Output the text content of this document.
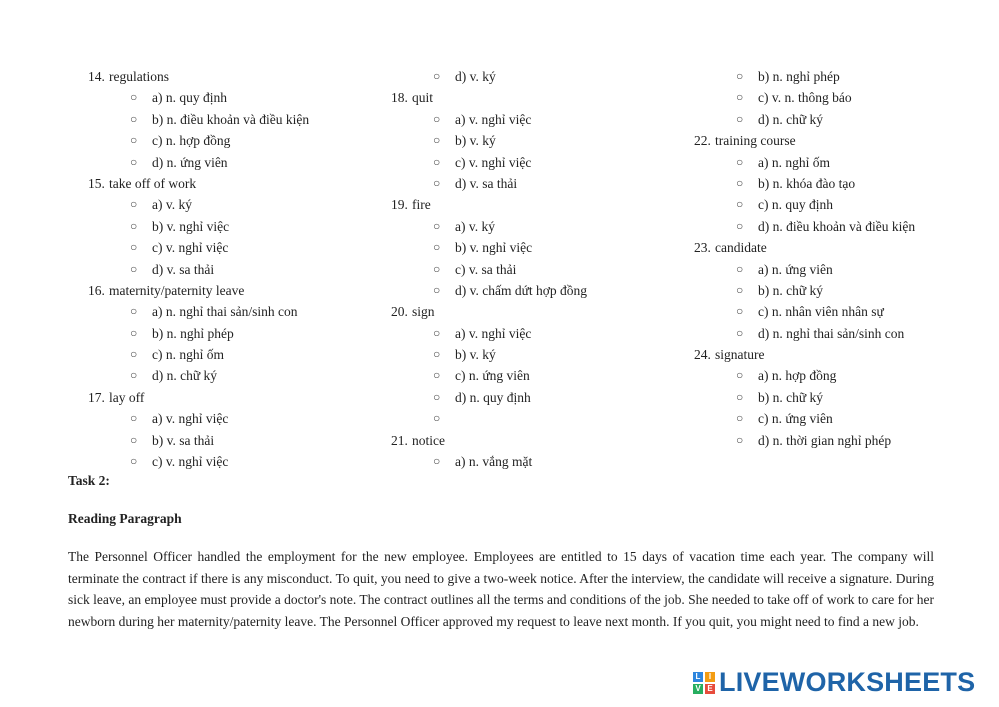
14. regulations
○	a) n. quy định
○	b) n. điều khoản và điều kiện
○	c) n. hợp đồng
○	d) n. ứng viên
15. take off of work
○	a) v. ký
○	b) v. nghỉ việc
○	c) v. nghỉ việc
○	d) v. sa thải
16. maternity/paternity leave
○	a) n. nghỉ thai sản/sinh con
○	b) n. nghỉ phép
○	c) n. nghỉ ốm
○	d) n. chữ ký
17. lay off
○	a) v. nghỉ việc
○	b) v. sa thải
○	c) v. nghỉ việc
○	d) v. ký
18. quit
○	a) v. nghỉ việc
○	b) v. ký
○	c) v. nghỉ việc
○	d) v. sa thải
19. fire
○	a) v. ký
○	b) v. nghỉ việc
○	c) v. sa thải
○	d) v. chấm dứt hợp đồng
20. sign
○	a) v. nghỉ việc
○	b) v. ký
○	c) n. ứng viên
○	d) n. quy định
○
21. notice
○	a) n. vắng mặt
○	b) n. nghỉ phép
○	c) v. n. thông báo
○	d) n. chữ ký
22. training course
○	a) n. nghỉ ốm
○	b) n. khóa đào tạo
○	c) n. quy định
○	d) n. điều khoản và điều kiện
23. candidate
○	a) n. ứng viên
○	b) n. chữ ký
○	c) n. nhân viên nhân sự
○	d) n. nghỉ thai sản/sinh con
24. signature
○	a) n. hợp đồng
○	b) n. chữ ký
○	c) n. ứng viên
○	d) n. thời gian nghỉ phép
Task 2:
Reading Paragraph
The Personnel Officer handled the employment for the new employee. Employees are entitled to 15 days of vacation time each year. The company will terminate the contract if there is any misconduct. To quit, you need to give a two-week notice. After the interview, the candidate will receive a signature. During sick leave, an employee must provide a doctor's note. The contract outlines all the terms and conditions of the job. She needed to take off of work to care for her newborn during her maternity/paternity leave. The Personnel Officer approved my request to leave next month. If you quit, you might need to find a new job.
L	I
V E LIVEWORKSHEETS
